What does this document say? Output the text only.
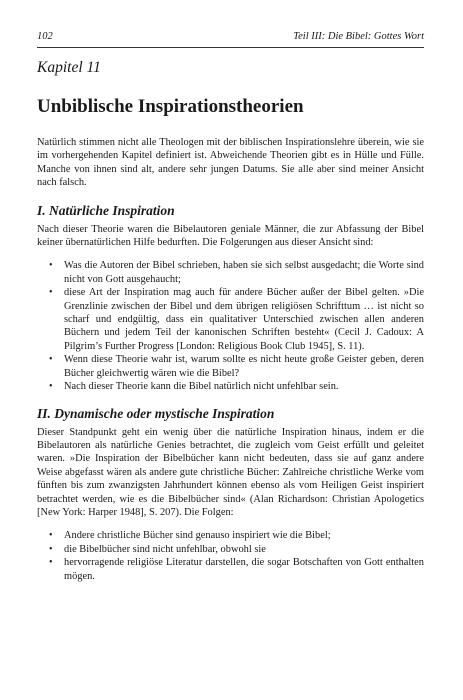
102	Teil III: Die Bibel: Gottes Wort
Kapitel 11
Unbiblische Inspirationstheorien

Natürlich stimmen nicht alle Theologen mit der biblischen Inspirationslehre überein, wie sie im vorhergehenden Kapitel definiert ist. Abweichende Theorien gibt es in Hülle und Fülle. Manche von ihnen sind alt, andere sehr jungen Datums. Sie alle aber sind meiner Ansicht nach falsch.

I. Natürliche Inspiration

Nach dieser Theorie waren die Bibelautoren geniale Männer, die zur Abfassung der Bibel keiner übernatürlichen Hilfe bedurften. Die Folgerungen aus dieser Ansicht sind:

• Was die Autoren der Bibel schrieben, haben sie sich selbst ausgedacht; die Worte sind nicht von Gott ausgehaucht;
• diese Art der Inspiration mag auch für andere Bücher außer der Bibel gelten. »Die Grenzlinie zwischen der Bibel und dem übrigen religiösen Schrifttum … ist nicht so scharf und endgültig, dass ein qualitativer Unterschied zwischen allen anderen Büchern und jedem Teil der kanonischen Schriften besteht« (Cecil J. Cadoux: A Pilgrim’s Further Progress [London: Religious Book Club 1945], S. 11).
• Wenn diese Theorie wahr ist, warum sollte es nicht heute große Geister geben, deren Bücher gleichwertig wären wie die Bibel?
• Nach dieser Theorie kann die Bibel natürlich nicht unfehlbar sein.
II. Dynamische oder mystische Inspiration

Dieser Standpunkt geht ein wenig über die natürliche Inspiration hinaus, indem er die Bibelautoren als natürliche Genies betrachtet, die zugleich vom Geist erfüllt und geleitet waren. »Die Inspiration der Bibelbücher kann nicht bedeuten, dass sie auf ganz andere Weise abgefasst wären als andere gute christliche Bücher: Zahlreiche christliche Werke vom fünften bis zum zwanzigsten Jahrhundert können ebenso als vom Heiligen Geist inspiriert betrachtet werden, wie es die Bibelbücher sind« (Alan Richardson: Christian Apologetics [New York: Harper 1948], S. 207). Die Folgen:

• Andere christliche Bücher sind genauso inspiriert wie die Bibel;
• die Bibelbücher sind nicht unfehlbar, obwohl sie
• hervorragende religiöse Literatur darstellen, die sogar Botschaften von Gott enthalten mögen.
